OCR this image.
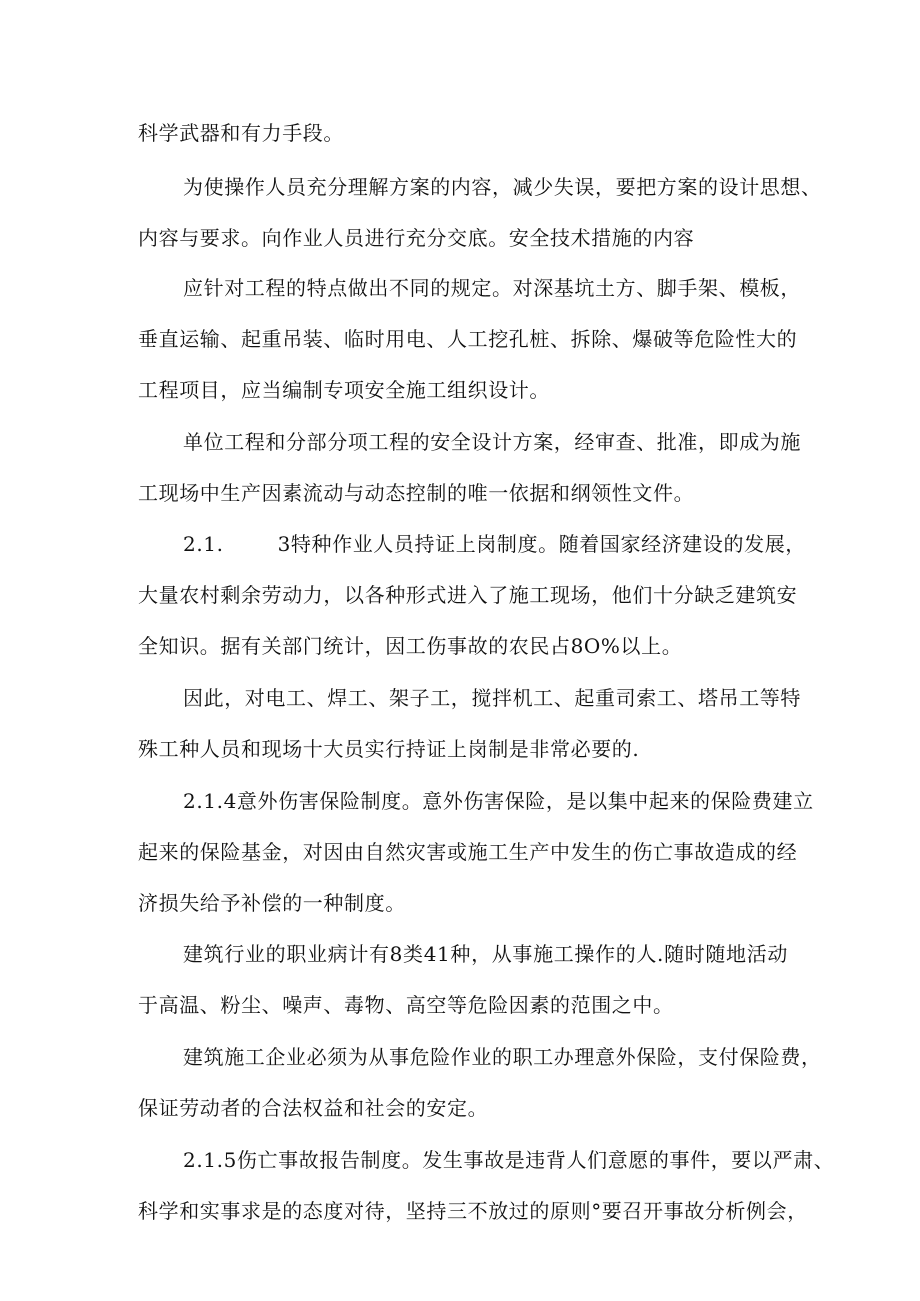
科学武器和有力手段。
为使操作人员充分理解方案的内容，减少失误，要把方案的设计思想、
内容与要求。向作业人员进行充分交底。安全技术措施的内容
应针对工程的特点做出不同的规定。对深基坑土方、脚手架、模板，
垂直运输、起重吊装、临时用电、人工挖孔桩、拆除、爆破等危险性大的
工程项目，应当编制专项安全施工组织设计。
单位工程和分部分项工程的安全设计方案，经审查、批准，即成为施
工现场中生产因素流动与动态控制的唯一依据和纲领性文件。
2.1.	3特种作业人员持证上岗制度。随着国家经济建设的发展，
大量农村剩余劳动力，以各种形式进入了施工现场，他们十分缺乏建筑安
全知识。据有关部门统计，因工伤事故的农民占8O%以上。
因此，对电工、焊工、架子工，搅拌机工、起重司索工、塔吊工等特
殊工种人员和现场十大员实行持证上岗制是非常必要的.
2.1.4意外伤害保险制度。意外伤害保险，是以集中起来的保险费建立
起来的保险基金，对因由自然灾害或施工生产中发生的伤亡事故造成的经
济损失给予补偿的一种制度。
建筑行业的职业病计有8类41种，从事施工操作的人.随时随地活动
于高温、粉尘、噪声、毒物、高空等危险因素的范围之中。
建筑施工企业必须为从事危险作业的职工办理意外保险，支付保险费，
保证劳动者的合法权益和社会的安定。
2.1.5伤亡事故报告制度。发生事故是违背人们意愿的事件，要以严肃、
科学和实事求是的态度对待，坚持三不放过的原则°要召开事故分析例会，
